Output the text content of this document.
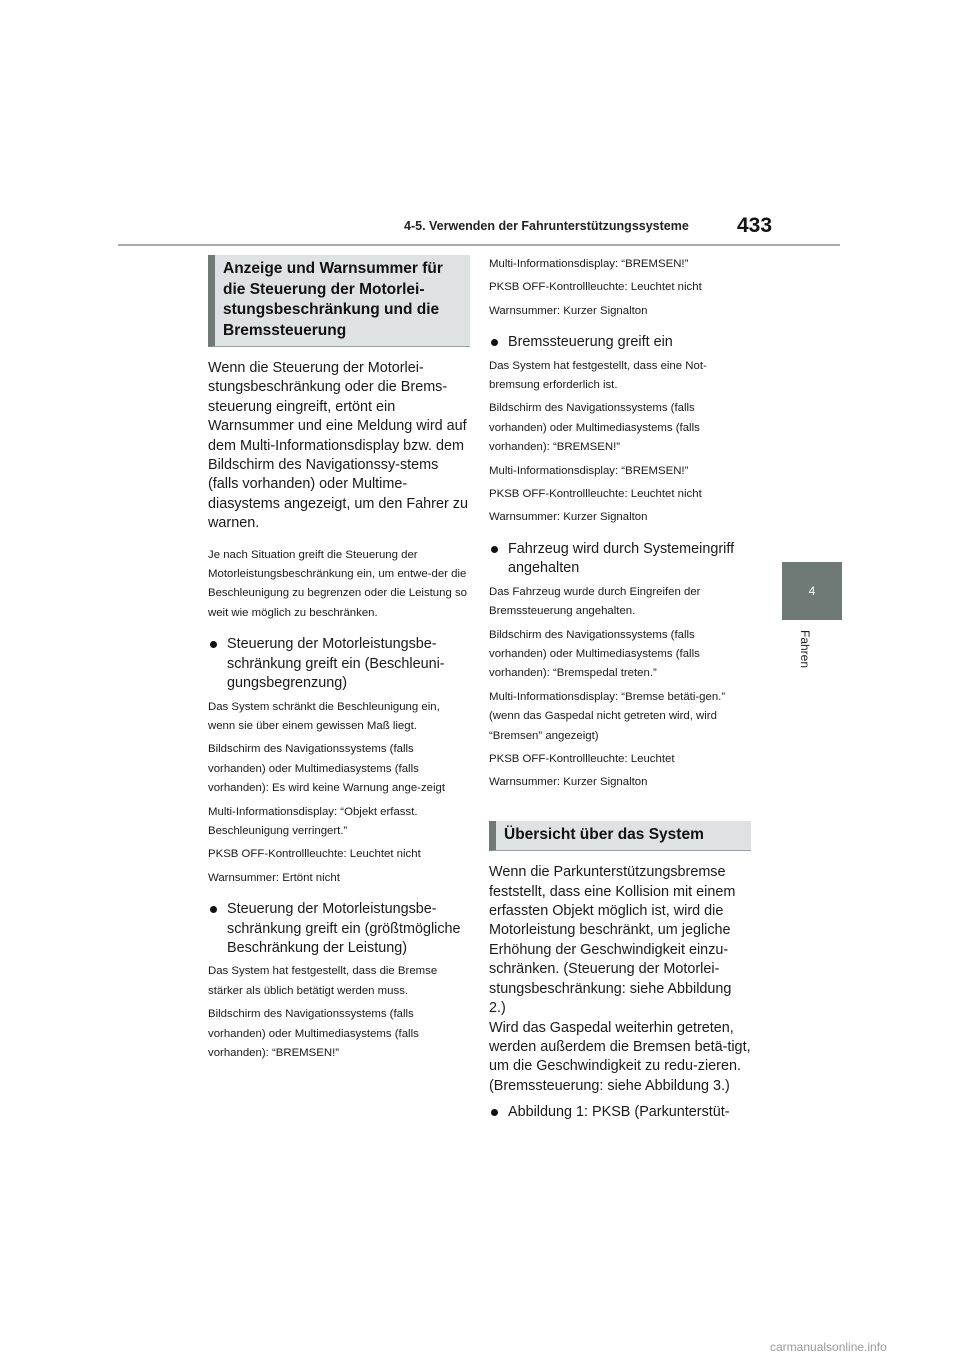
4-5. Verwenden der Fahrunterstützungssysteme 433
4
Fahren
Anzeige und Warnsummer für die Steuerung der Motorlei-stungsbeschränkung und die Bremssteuerung

Wenn die Steuerung der Motorlei-stungsbeschränkung oder die Brems-steuerung eingreift, ertönt ein Warnsummer und eine Meldung wird auf dem Multi-Informationsdisplay bzw. dem Bildschirm des Navigationssy-stems (falls vorhanden) oder Multime-diasystems angezeigt, um den Fahrer zu warnen.

Je nach Situation greift die Steuerung der Motorleistungsbeschränkung ein, um entwe-der die Beschleunigung zu begrenzen oder die Leistung so weit wie möglich zu beschränken.

Steuerung der Motorleistungsbe-schränkung greift ein (Beschleuni-gungsbegrenzung)

Das System schränkt die Beschleunigung ein, wenn sie über einem gewissen Maß liegt.

Bildschirm des Navigationssystems (falls vorhanden) oder Multimediasystems (falls vorhanden): Es wird keine Warnung ange-zeigt

Multi-Informationsdisplay: “Objekt erfasst. Beschleunigung verringert.”

PKSB OFF-Kontrollleuchte: Leuchtet nicht

Warnsummer: Ertönt nicht

Steuerung der Motorleistungsbe-schränkung greift ein (größtmögliche Beschränkung der Leistung)

Das System hat festgestellt, dass die Bremse stärker als üblich betätigt werden muss.

Bildschirm des Navigationssystems (falls vorhanden) oder Multimediasystems (falls vorhanden): “BREMSEN!”

Multi-Informationsdisplay: “BREMSEN!”

PKSB OFF-Kontrollleuchte: Leuchtet nicht

Warnsummer: Kurzer Signalton

Bremssteuerung greift ein

Das System hat festgestellt, dass eine Not-bremsung erforderlich ist.

Bildschirm des Navigationssystems (falls vorhanden) oder Multimediasystems (falls vorhanden): “BREMSEN!”

Multi-Informationsdisplay: “BREMSEN!”

PKSB OFF-Kontrollleuchte: Leuchtet nicht

Warnsummer: Kurzer Signalton

Fahrzeug wird durch Systemeingriff angehalten

Das Fahrzeug wurde durch Eingreifen der Bremssteuerung angehalten.

Bildschirm des Navigationssystems (falls vorhanden) oder Multimediasystems (falls vorhanden): “Bremspedal treten.”

Multi-Informationsdisplay: “Bremse betäti-gen.” (wenn das Gaspedal nicht getreten wird, wird “Bremsen” angezeigt)

PKSB OFF-Kontrollleuchte: Leuchtet

Warnsummer: Kurzer Signalton

Übersicht über das System

Wenn die Parkunterstützungsbremse feststellt, dass eine Kollision mit einem erfassten Objekt möglich ist, wird die Motorleistung beschränkt, um jegliche Erhöhung der Geschwindigkeit einzu-schränken. (Steuerung der Motorlei-stungsbeschränkung: siehe Abbildung 2.)

Wird das Gaspedal weiterhin getreten, werden außerdem die Bremsen betä-tigt, um die Geschwindigkeit zu redu-zieren. (Bremssteuerung: siehe Abbildung 3.)

Abbildung 1: PKSB (Parkunterstüt-
carmanualsonline.info
